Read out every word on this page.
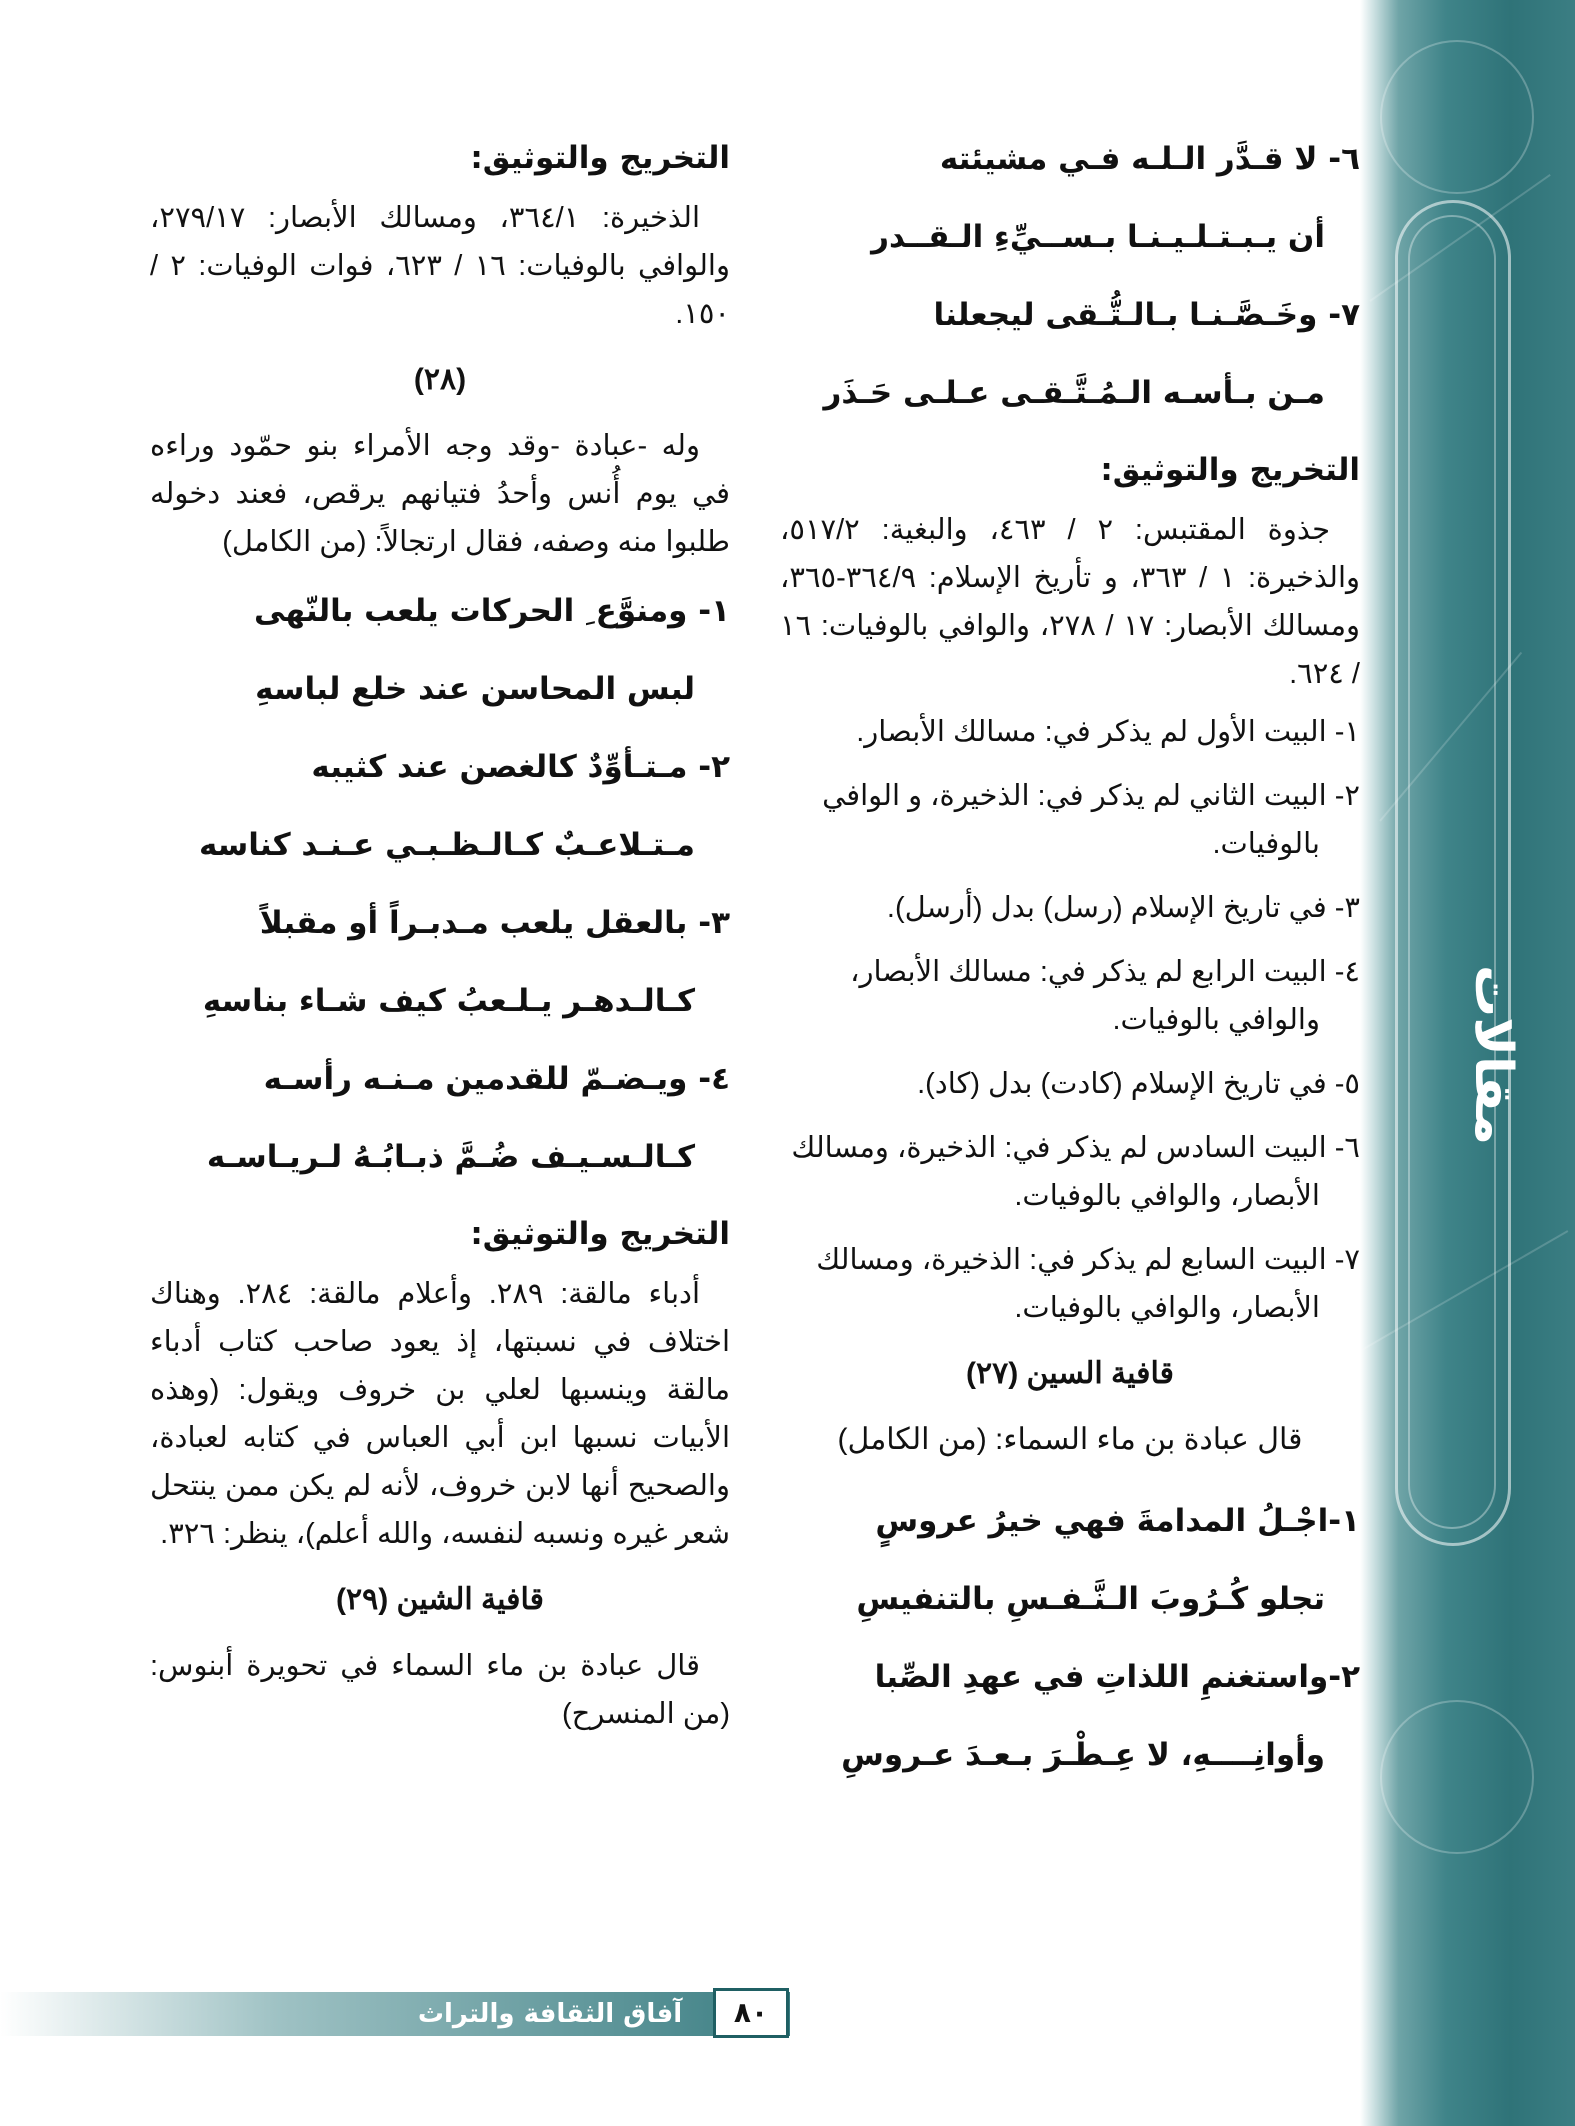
مقالات
٦- لا قـدَّر الـلـه فـي مشيئته
أن يـبـتـلـيـنـا بـســيِّءِ الـقــدر
٧- وخَـصَّـنـا بـالـتُّـقى ليجعلنا
مـن بـأسـه الـمُـتَّـقـى عـلـى حَـذَر
التخريج والتوثيق:
جذوة المقتبس: ٢ / ٤٦٣، والبغية: ٥١٧/٢، والذخيرة: ١ / ٣٦٣، و تأريخ الإسلام: ٣٦٤/٩-٣٦٥، ومسالك الأبصار: ١٧ / ٢٧٨، والوافي بالوفيات: ١٦ / ٦٢٤.
١- البيت الأول لم يذكر في: مسالك الأبصار.
٢- البيت الثاني لم يذكر في: الذخيرة، و الوافي بالوفيات.
٣- في تاريخ الإسلام (رسل) بدل (أرسل).
٤- البيت الرابع لم يذكر في: مسالك الأبصار، والوافي بالوفيات.
٥- في تاريخ الإسلام (كادت) بدل (كاد).
٦- البيت السادس لم يذكر في: الذخيرة، ومسالك الأبصار، والوافي بالوفيات.
٧- البيت السابع لم يذكر في: الذخيرة، ومسالك الأبصار، والوافي بالوفيات.
قافية السين (٢٧)
قال عبادة بن ماء السماء: (من الكامل)
١-اجْـلُ المدامةَ فهي خيرُ عروسٍ
تجلو كُـرُوبَ الـنَّـفـسِ بالتنفيسِ
٢-واستغنمِ اللذاتِ في عهدِ الصِّبا
وأوانِــــهِ، لا عِـطْـرَ بـعـدَ عـروسِ
التخريج والتوثيق:
الذخيرة: ٣٦٤/١، ومسالك الأبصار: ٢٧٩/١٧، والوافي بالوفيات: ١٦ / ٦٢٣، فوات الوفيات: ٢ / ١٥٠.
(٢٨)
وله -عبادة -وقد وجه الأمراء بنو حمّود وراءه في يوم أُنس وأحدُ فتيانهم يرقص، فعند دخوله طلبوا منه وصفه، فقال ارتجالاً: (من الكامل)
١- ومنوَّع ِ الحركات يلعب بالنّهى
لبس المحاسن عند خلع لباسهِ
٢- مـتـأوِّدٌ كالغصن عند كثيبه
مـتـلاعـبٌ كـالـظـبـي عـنـد كناسه
٣- بالعقل يلعب مـدبـراً أو مقبلاً
كـالـدهـر يـلـعبُ كيف شـاء بناسهِ
٤- ويـضـمّ للقدمين مـنـه رأسـه
كـالـسـيـف ضُـمَّ ذبـابُـهُ لـريـاسـه
التخريج والتوثيق:
أدباء مالقة: ٢٨٩. وأعلام مالقة: ٢٨٤. وهناك اختلاف في نسبتها، إذ يعود صاحب كتاب أدباء مالقة وينسبها لعلي بن خروف ويقول: (وهذه الأبيات نسبها ابن أبي العباس في كتابه لعبادة، والصحيح أنها لابن خروف، لأنه لم يكن ممن ينتحل شعر غيره ونسبه لنفسه، والله أعلم)، ينظر: ٣٢٦.
قافية الشين (٢٩)
قال عبادة بن ماء السماء في تحويرة أبنوس: (من المنسرح)
آفاق الثقافة والتراث	٨٠
